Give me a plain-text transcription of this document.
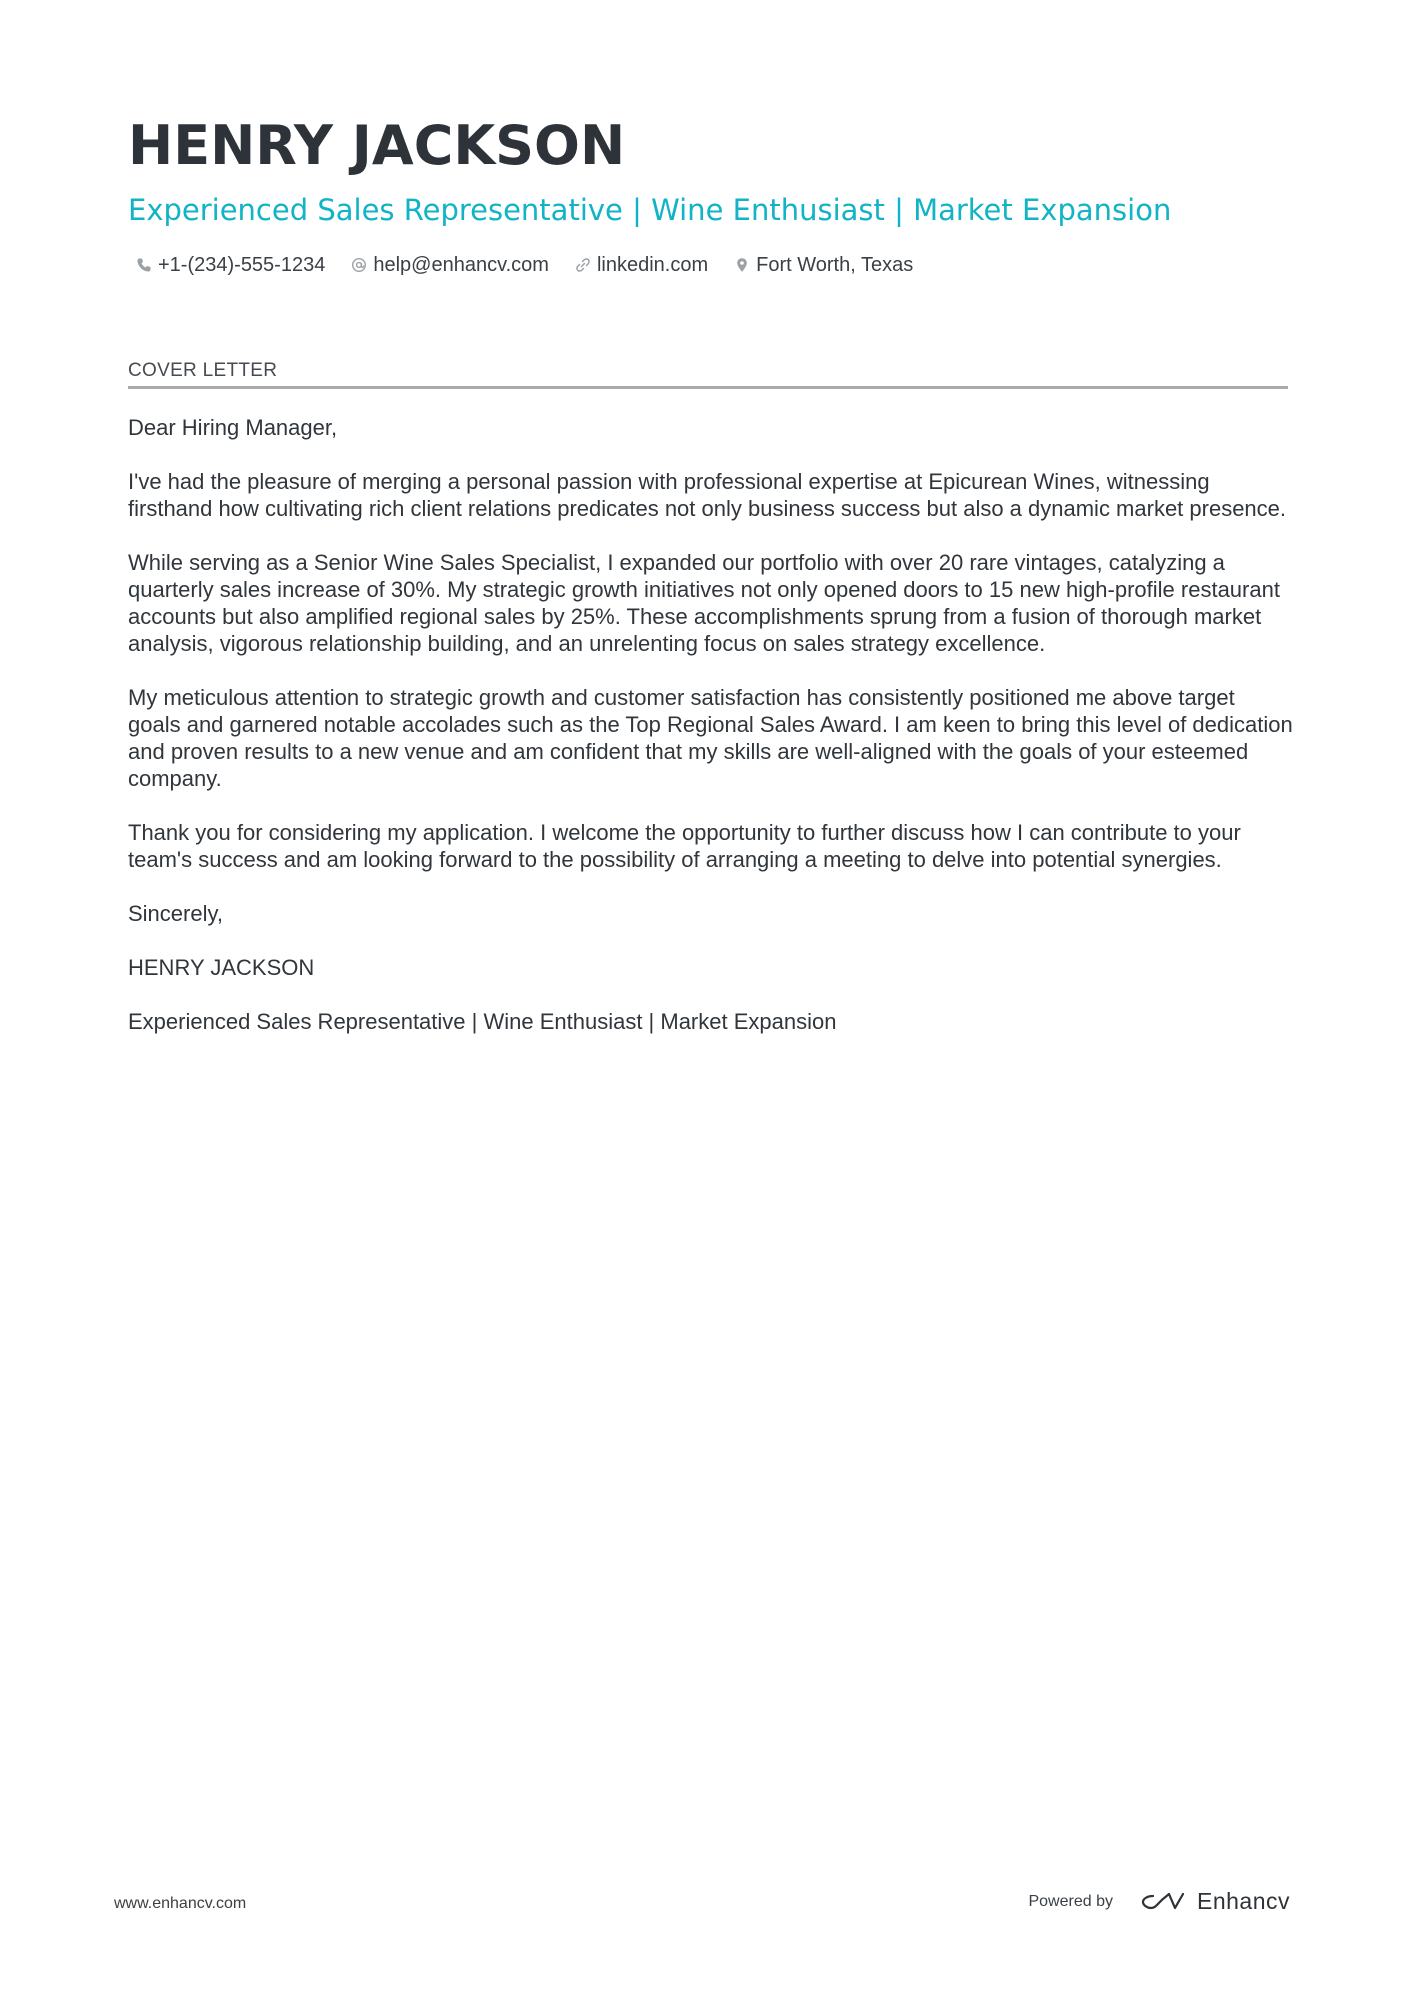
HENRY JACKSON
Experienced Sales Representative | Wine Enthusiast | Market Expansion
+1-(234)-555-1234 help@enhancv.com linkedin.com Fort Worth, Texas
COVER LETTER

Dear Hiring Manager,

I've had the pleasure of merging a personal passion with professional expertise at Epicurean Wines, witnessing firsthand how cultivating rich client relations predicates not only business success but also a dynamic market presence.

While serving as a Senior Wine Sales Specialist, I expanded our portfolio with over 20 rare vintages, catalyzing a quarterly sales increase of 30%. My strategic growth initiatives not only opened doors to 15 new high-profile restaurant accounts but also amplified regional sales by 25%. These accomplishments sprung from a fusion of thorough market analysis, vigorous relationship building, and an unrelenting focus on sales strategy excellence.

My meticulous attention to strategic growth and customer satisfaction has consistently positioned me above target goals and garnered notable accolades such as the Top Regional Sales Award. I am keen to bring this level of dedication and proven results to a new venue and am confident that my skills are well-aligned with the goals of your esteemed company.

Thank you for considering my application. I welcome the opportunity to further discuss how I can contribute to your team's success and am looking forward to the possibility of arranging a meeting to delve into potential synergies.

Sincerely,

HENRY JACKSON

Experienced Sales Representative | Wine Enthusiast | Market Expansion

www.enhancv.com	Powered by	Enhancv
